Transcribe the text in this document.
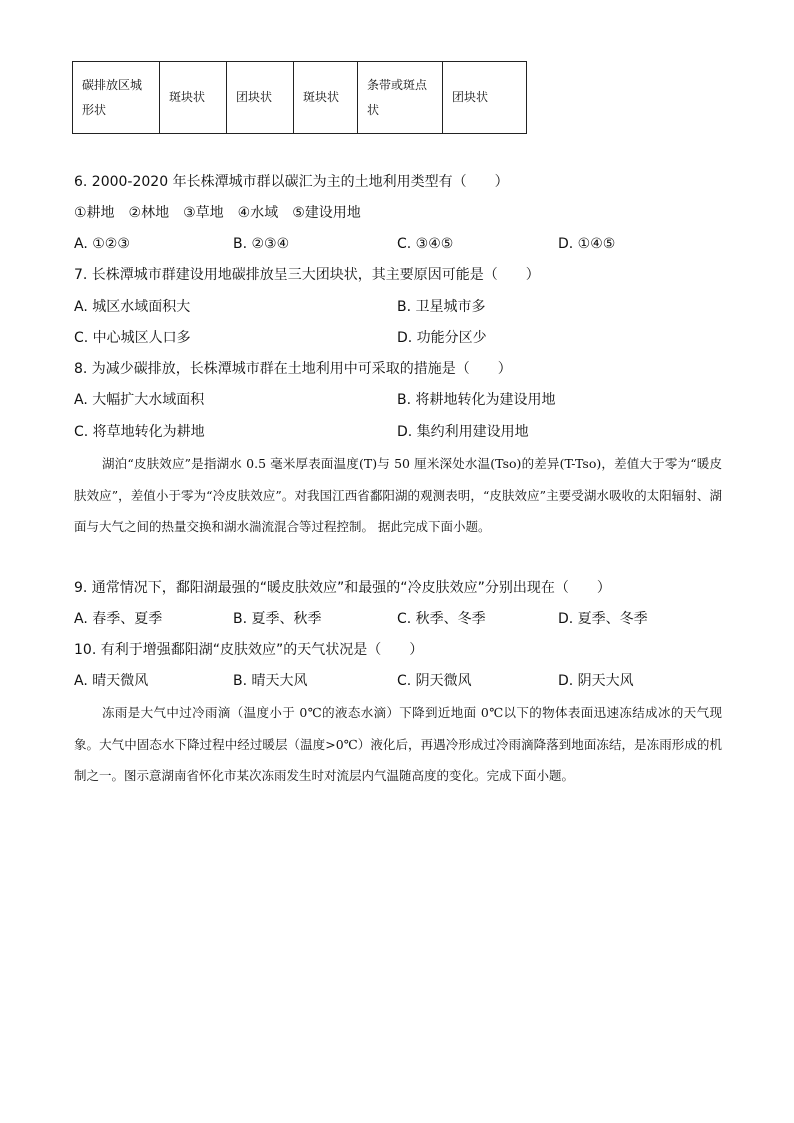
碳排放区城形状	斑块状	团块状	斑块状	条带或斑点状	团块状
6. 2000-2020 年长株潭城市群以碳汇为主的土地利用类型有（　　）
①耕地　②林地　③草地　④水域　⑤建设用地
A. ①②③	B. ②③④	C. ③④⑤	D. ①④⑤
7. 长株潭城市群建设用地碳排放呈三大团块状，其主要原因可能是（　　）
A. 城区水域面积大	B. 卫星城市多
C. 中心城区人口多	D. 功能分区少
8. 为减少碳排放，长株潭城市群在土地利用中可采取的措施是（　　）
A. 大幅扩大水域面积	B. 将耕地转化为建设用地
C. 将草地转化为耕地	D. 集约利用建设用地

湖泊“皮肤效应”是指湖水 0.5 毫米厚表面温度(T)与 50 厘米深处水温(Tso)的差异(T-Tso)，差值大于零为“暖皮肤效应”，差值小于零为“冷皮肤效应”。对我国江西省鄱阳湖的观测表明，“皮肤效应”主要受湖水吸收的太阳辐射、湖面与大气之间的热量交换和湖水湍流混合等过程控制。 据此完成下面小题。

9. 通常情况下，鄱阳湖最强的“暖皮肤效应”和最强的“冷皮肤效应”分别出现在（　　）
A. 春季、夏季	B. 夏季、秋季	C. 秋季、冬季	D. 夏季、冬季
10. 有利于增强鄱阳湖“皮肤效应”的天气状况是（　　）
A. 晴天微风	B. 晴天大风	C. 阴天微风	D. 阴天大风

冻雨是大气中过冷雨滴（温度小于 0℃的液态水滴）下降到近地面 0℃以下的物体表面迅速冻结成冰的天气现象。大气中固态水下降过程中经过暖层（温度>0℃）液化后，再遇冷形成过冷雨滴降落到地面冻结，是冻雨形成的机制之一。图示意湖南省怀化市某次冻雨发生时对流层内气温随高度的变化。完成下面小题。
